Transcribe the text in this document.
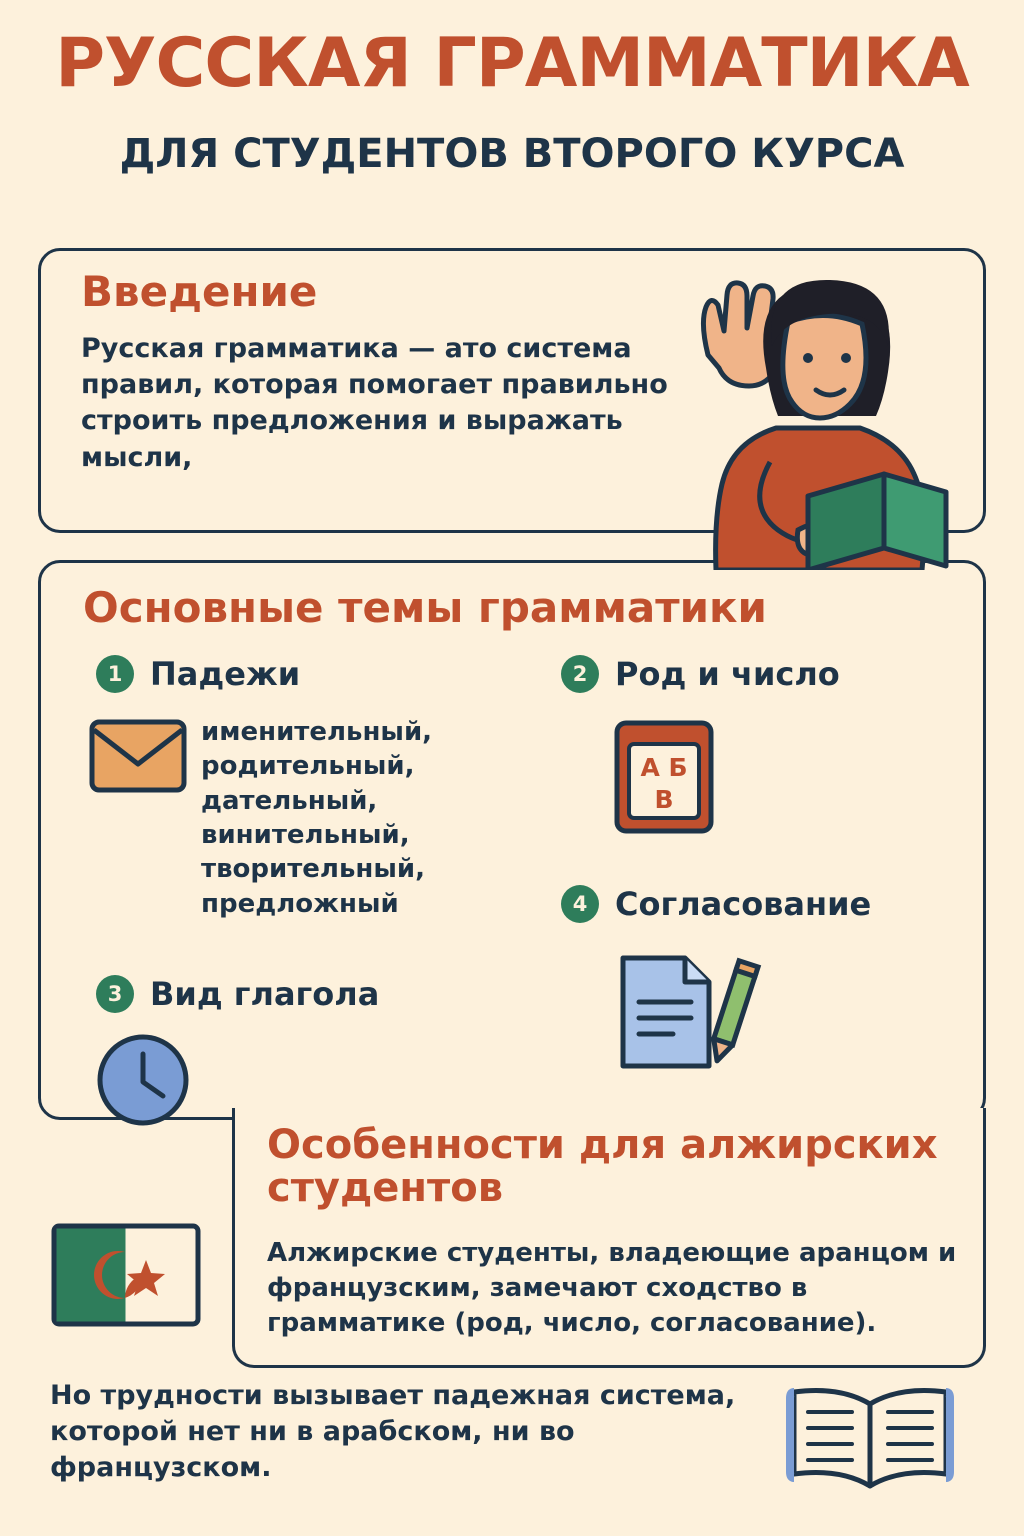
РУССКАЯ ГРАММАТИКА
ДЛЯ СТУДЕНТОВ ВТОРОГО КУРСА
Введение
Русская грамматика — ато система правил, которая помогает правильно строить предложения и выражать мысли,
Основные темы грамматики
1 Падежи	2 Род и число
3 Вид глагола
4 Согласование
именительный, родительный, дательный, винительный, творительный, предложный
Особенности для алжирских студентов
Алжирские студенты, владеющие аранцом и французским, замечают сходство в грамматике (род, число, согласование).
Но трудности вызывает падежная система, которой нет ни в арабском, ни во французском.
А Б
В
